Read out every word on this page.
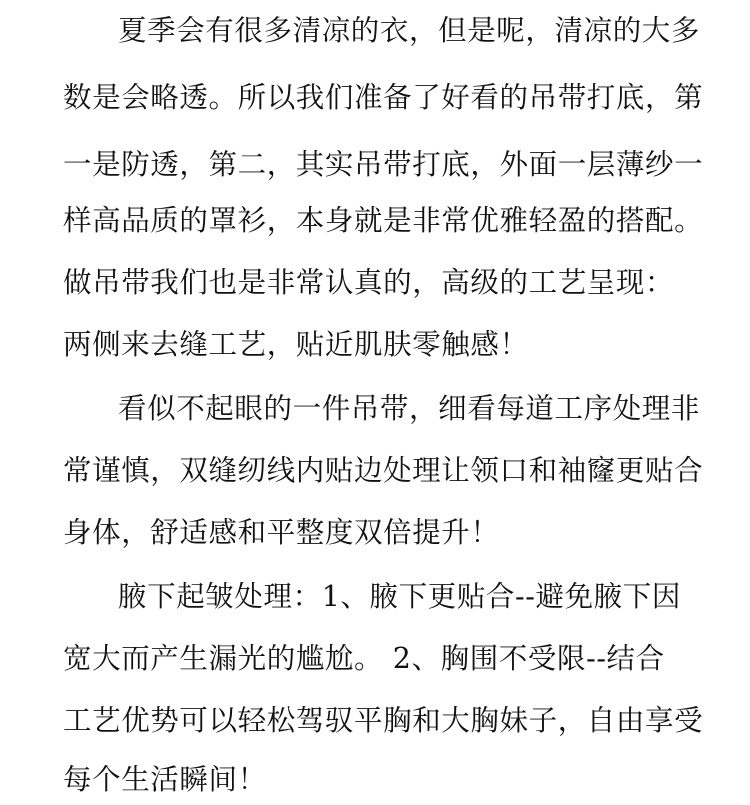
夏季会有很多清凉的衣，但是呢，清凉的大多
数是会略透。所以我们准备了好看的吊带打底，第
一是防透，第二，其实吊带打底，外面一层薄纱一
样高品质的罩衫，本身就是非常优雅轻盈的搭配。
做吊带我们也是非常认真的，高级的工艺呈现：
两侧来去缝工艺，贴近肌肤零触感！
看似不起眼的一件吊带，细看每道工序处理非
常谨慎，双缝纫线内贴边处理让领口和袖窿更贴合
身体，舒适感和平整度双倍提升！
腋下起皱处理：1、腋下更贴合--避免腋下因
宽大而产生漏光的尴尬。 2、胸围不受限--结合
工艺优势可以轻松驾驭平胸和大胸妹子，自由享受
每个生活瞬间！
